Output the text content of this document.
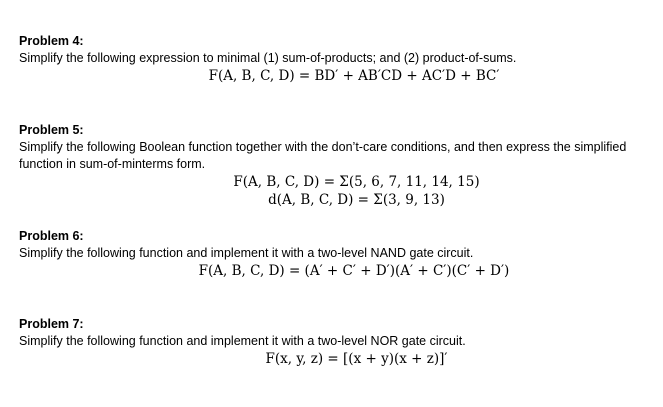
Problem 4:

Simplify the following expression to minimal (1) sum-of-products; and (2) product-of-sums.

F(A, B, C, D) = BD′ + AB′CD + AC′D + BC′

Problem 5:

Simplify the following Boolean function together with the don’t-care conditions, and then express the simplified function in sum-of-minterms form.

F(A, B, C, D) = Σ(5, 6, 7, 11, 14, 15)

d(A, B, C, D) = Σ(3, 9, 13)

Problem 6:

Simplify the following function and implement it with a two-level NAND gate circuit.

F(A, B, C, D) = (A′ + C′ + D′)(A′ + C′)(C′ + D′)

Problem 7:

Simplify the following function and implement it with a two-level NOR gate circuit.

F(x, y, z) = [(x + y)(x + z)]′
